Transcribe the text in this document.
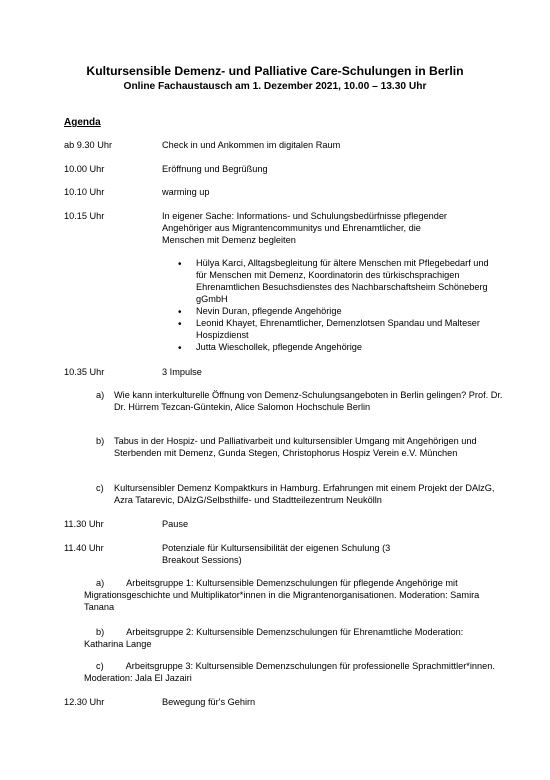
Kultursensible Demenz- und Palliative Care-Schulungen in Berlin
Online Fachaustausch am 1. Dezember 2021, 10.00 – 13.30 Uhr
Agenda
ab 9.30 Uhr	Check in und Ankommen im digitalen Raum
10.00 Uhr	Eröffnung und Begrüßung
10.10 Uhr	warming up
10.15 Uhr	In eigener Sache: Informations- und Schulungsbedürfnisse pflegender Angehöriger aus Migrantencommunitys und Ehrenamtlicher, die Menschen mit Demenz begleiten
• Hülya Karci, Alltagsbegleitung für ältere Menschen mit Pflegebedarf und für Menschen mit Demenz, Koordinatorin des türkischsprachigen Ehrenamtlichen Besuchsdienstes des Nachbarschaftsheim Schöneberg gGmbH
• Nevin Duran, pflegende Angehörige
• Leonid Khayet, Ehrenamtlicher, Demenzlotsen Spandau und Malteser Hospizdienst
• Jutta Wieschollek, pflegende Angehörige
10.35 Uhr	3 Impulse
a) Wie kann interkulturelle Öffnung von Demenz-Schulungsangeboten in Berlin gelingen? Prof. Dr. Dr. Hürrem Tezcan-Güntekin, Alice Salomon Hochschule Berlin
b) Tabus in der Hospiz- und Palliativarbeit und kultursensibler Umgang mit Angehörigen und Sterbenden mit Demenz, Gunda Stegen, Christophorus Hospiz Verein e.V. München
c) Kultursensibler Demenz Kompaktkurs in Hamburg. Erfahrungen mit einem Projekt der DAlzG, Azra Tatarevic, DAlzG/Selbsthilfe- und Stadtteilezentrum Neukölln
11.30 Uhr	Pause
11.40 Uhr	Potenziale für Kultursensibilität der eigenen Schulung (3 Breakout Sessions)
a) Arbeitsgruppe 1: Kultursensible Demenzschulungen für pflegende Angehörige mit Migrationsgeschichte und Multiplikator*innen in die Migrantenorganisationen. Moderation: Samira Tanana
b) Arbeitsgruppe 2: Kultursensible Demenzschulungen für Ehrenamtliche Moderation: Katharina Lange
c) Arbeitsgruppe 3: Kultursensible Demenzschulungen für professionelle Sprachmittler*innen. Moderation: Jala El Jazairi
12.30 Uhr	Bewegung für's Gehirn
